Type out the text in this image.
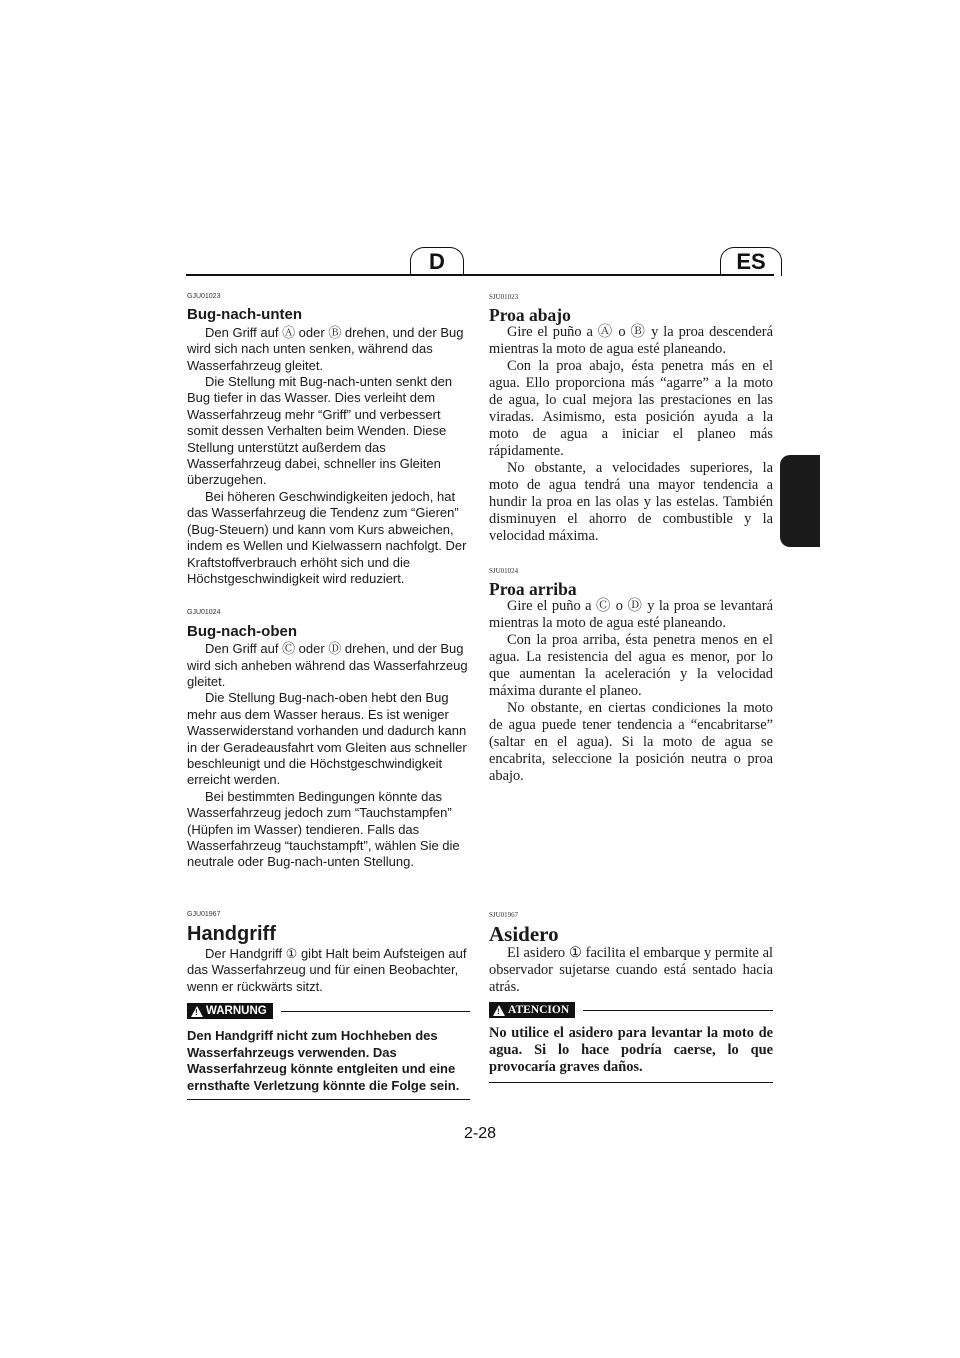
D	ES
GJU01023
Bug-nach-unten

Den Griff auf Ⓐ oder Ⓑ drehen, und der Bug wird sich nach unten senken, während das Wasserfahrzeug gleitet.

Die Stellung mit Bug-nach-unten senkt den Bug tiefer in das Wasser. Dies verleiht dem Wasserfahrzeug mehr “Griff” und verbessert somit dessen Verhalten beim Wenden. Diese Stellung unterstützt außerdem das Wasserfahrzeug dabei, schneller ins Gleiten überzugehen.

Bei höheren Geschwindigkeiten jedoch, hat das Wasserfahrzeug die Tendenz zum “Gieren” (Bug-Steuern) und kann vom Kurs abweichen, indem es Wellen und Kielwassern nachfolgt. Der Kraftstoffverbrauch erhöht sich und die Höchstgeschwindigkeit wird reduziert.

GJU01024
Bug-nach-oben

Den Griff auf Ⓒ oder Ⓓ drehen, und der Bug wird sich anheben während das Wasserfahrzeug gleitet.

Die Stellung Bug-nach-oben hebt den Bug mehr aus dem Wasser heraus. Es ist weniger Wasserwiderstand vorhanden und dadurch kann in der Geradeausfahrt vom Gleiten aus schneller beschleunigt und die Höchstgeschwindigkeit erreicht werden.

Bei bestimmten Bedingungen könnte das Wasserfahrzeug jedoch zum “Tauchstampfen” (Hüpfen im Wasser) tendieren. Falls das Wasserfahrzeug “tauchstampft”, wählen Sie die neutrale oder Bug-nach-unten Stellung.

GJU01967
Handgriff

Der Handgriff ① gibt Halt beim Aufsteigen auf das Wasserfahrzeug und für einen Beobachter, wenn er rückwärts sitzt.

! WARNUNG

Den Handgriff nicht zum Hochheben des Wasserfahrzeugs verwenden. Das Wasserfahrzeug könnte entgleiten und eine ernsthafte Verletzung könnte die Folge sein.

SJU01023
Proa abajo

Gire el puño a Ⓐ o Ⓑ y la proa descenderá mientras la moto de agua esté planeando.

Con la proa abajo, ésta penetra más en el agua. Ello proporciona más “agarre” a la moto de agua, lo cual mejora las prestaciones en las viradas. Asimismo, esta posición ayuda a la moto de agua a iniciar el planeo más rápidamente.

No obstante, a velocidades superiores, la moto de agua tendrá una mayor tendencia a hundir la proa en las olas y las estelas. También disminuyen el ahorro de combustible y la velocidad máxima.

SJU01024
Proa arriba

Gire el puño a Ⓒ o Ⓓ y la proa se levantará mientras la moto de agua esté planeando.

Con la proa arriba, ésta penetra menos en el agua. La resistencia del agua es menor, por lo que aumentan la aceleración y la velocidad máxima durante el planeo.

No obstante, en ciertas condiciones la moto de agua puede tener tendencia a “encabritarse” (saltar en el agua). Si la moto de agua se encabrita, seleccione la posición neutra o proa abajo.

SJU01967
Asidero

El asidero ① facilita el embarque y permite al observador sujetarse cuando está sentado hacia atrás.

! ATENCION

No utilice el asidero para levantar la moto de agua. Si lo hace podría caerse, lo que provocaría graves daños.

2-28
